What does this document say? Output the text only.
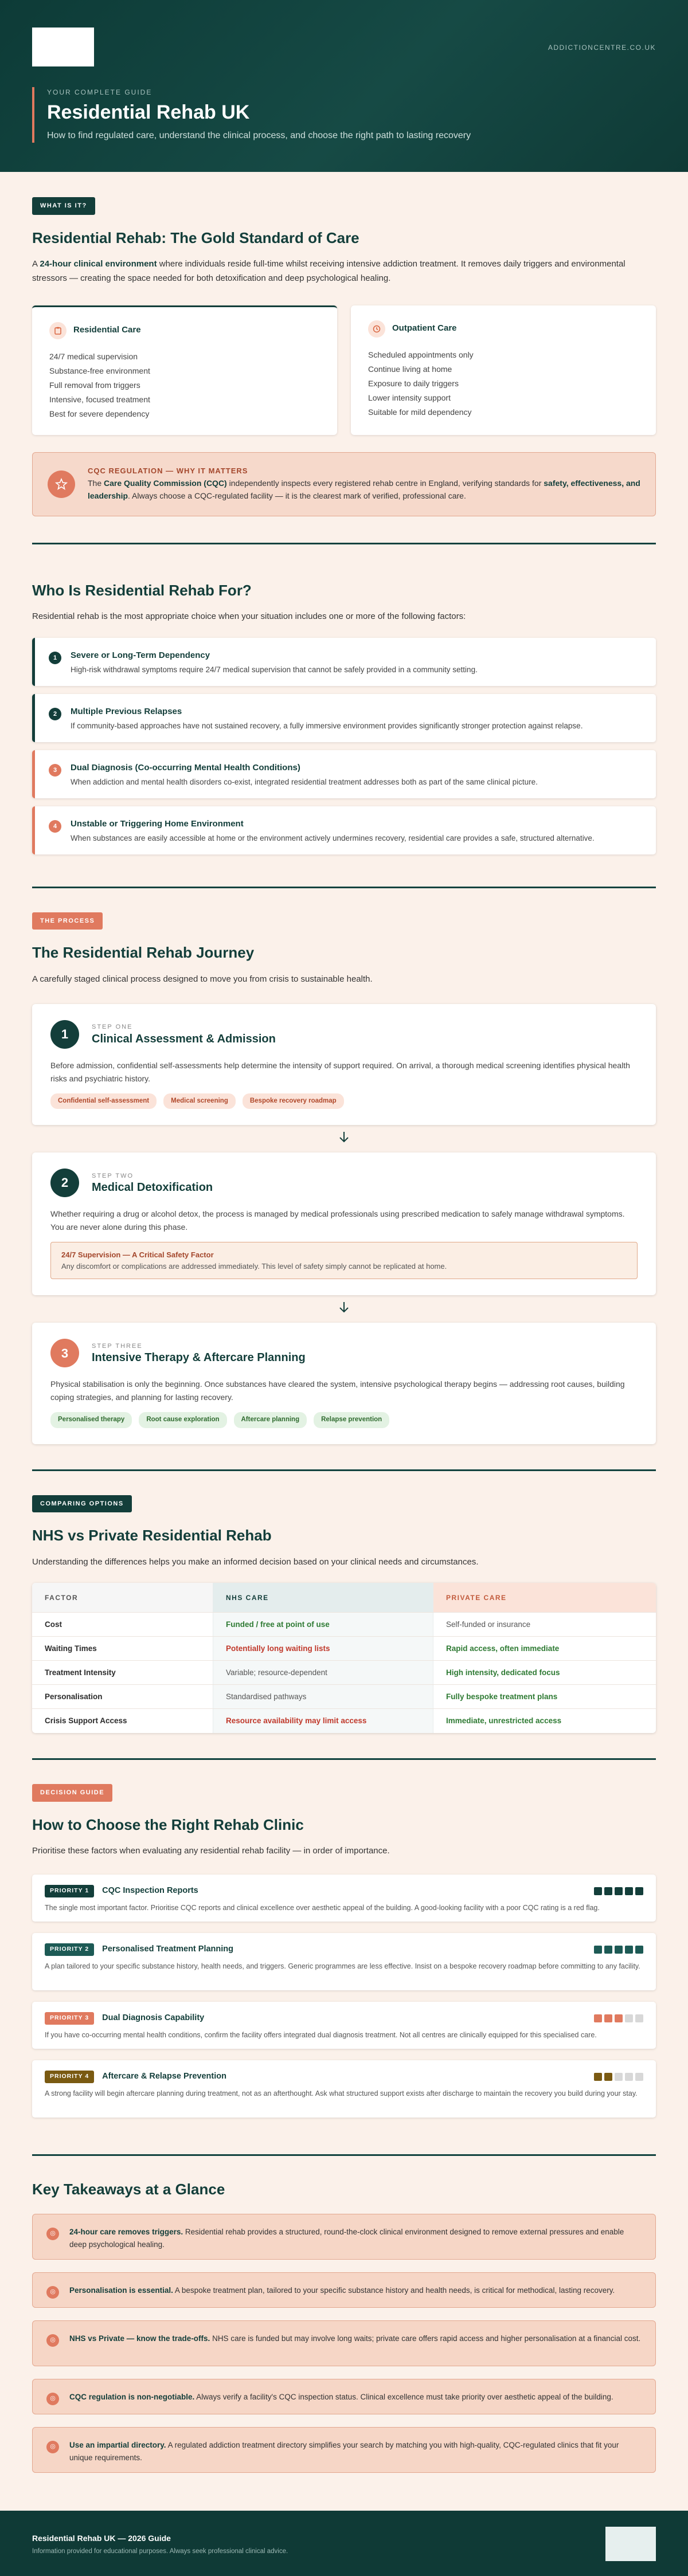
ADDICTIONCENTRE.CO.UK
YOUR COMPLETE GUIDE
Residential Rehab UK

How to find regulated care, understand the clinical process, and choose the right path to lasting recovery

WHAT IS IT?
Residential Rehab: The Gold Standard of Care

A 24-hour clinical environment where individuals reside full-time whilst receiving intensive addiction treatment. It removes daily triggers and environmental stressors — creating the space needed for both detoxification and deep psychological healing.

Residential Care
24/7 medical supervision
Substance-free environment
Full removal from triggers
Intensive, focused treatment
Best for severe dependency
Outpatient Care
Scheduled appointments only
Continue living at home
Exposure to daily triggers
Lower intensity support
Suitable for mild dependency
CQC REGULATION — WHY IT MATTERS
The Care Quality Commission (CQC) independently inspects every registered rehab centre in England, verifying standards for safety, effectiveness, and leadership. Always choose a CQC-regulated facility — it is the clearest mark of verified, professional care.
Who Is Residential Rehab For?

Residential rehab is the most appropriate choice when your situation includes one or more of the following factors:

1	Severe or Long-Term Dependency
High-risk withdrawal symptoms require 24/7 medical supervision that cannot be safely provided in a community setting.
2	Multiple Previous Relapses
If community-based approaches have not sustained recovery, a fully immersive environment provides significantly stronger protection against relapse.
3	Dual Diagnosis (Co-occurring Mental Health Conditions)
When addiction and mental health disorders co-exist, integrated residential treatment addresses both as part of the same clinical picture.
4	Unstable or Triggering Home Environment
When substances are easily accessible at home or the environment actively undermines recovery, residential care provides a safe, structured alternative.
THE PROCESS
The Residential Rehab Journey

A carefully staged clinical process designed to move you from crisis to sustainable health.

1	STEP ONE
Clinical Assessment & Admission

Before admission, confidential self-assessments help determine the intensity of support required. On arrival, a thorough medical screening identifies physical health risks and psychiatric history.

Confidential self-assessment	Medical screening	Bespoke recovery roadmap
2	STEP TWO
Medical Detoxification

Whether requiring a drug or alcohol detox, the process is managed by medical professionals using prescribed medication to safely manage withdrawal symptoms. You are never alone during this phase.

24/7 Supervision — A Critical Safety Factor
Any discomfort or complications are addressed immediately. This level of safety simply cannot be replicated at home.
3	STEP THREE
Intensive Therapy & Aftercare Planning

Physical stabilisation is only the beginning. Once substances have cleared the system, intensive psychological therapy begins — addressing root causes, building coping strategies, and planning for lasting recovery.

Personalised therapy	Root cause exploration	Aftercare planning	Relapse prevention
COMPARING OPTIONS
NHS vs Private Residential Rehab

Understanding the differences helps you make an informed decision based on your clinical needs and circumstances.

FACTOR	NHS CARE	PRIVATE CARE
Cost	Funded / free at point of use	Self-funded or insurance
Waiting Times	Potentially long waiting lists	Rapid access, often immediate
Treatment Intensity	Variable; resource-dependent	High intensity, dedicated focus
Personalisation	Standardised pathways	Fully bespoke treatment plans
Crisis Support Access	Resource availability may limit access	Immediate, unrestricted access
DECISION GUIDE
How to Choose the Right Rehab Clinic

Prioritise these factors when evaluating any residential rehab facility — in order of importance.

PRIORITY 1	CQC Inspection Reports
The single most important factor. Prioritise CQC reports and clinical excellence over aesthetic appeal of the building. A good-looking facility with a poor CQC rating is a red flag.
PRIORITY 2	Personalised Treatment Planning
A plan tailored to your specific substance history, health needs, and triggers. Generic programmes are less effective. Insist on a bespoke recovery roadmap before committing to any facility.
PRIORITY 3	Dual Diagnosis Capability
If you have co-occurring mental health conditions, confirm the facility offers integrated dual diagnosis treatment. Not all centres are clinically equipped for this specialised care.
PRIORITY 4	Aftercare & Relapse Prevention
A strong facility will begin aftercare planning during treatment, not as an afterthought. Ask what structured support exists after discharge to maintain the recovery you build during your stay.
Key Takeaways at a Glance
◎	24-hour care removes triggers. Residential rehab provides a structured, round-the-clock clinical environment designed to remove external pressures and enable deep psychological healing.
◎	Personalisation is essential. A bespoke treatment plan, tailored to your specific substance history and health needs, is critical for methodical, lasting recovery.
◎	NHS vs Private — know the trade-offs. NHS care is funded but may involve long waits; private care offers rapid access and higher personalisation at a financial cost.
◎	CQC regulation is non-negotiable. Always verify a facility's CQC inspection status. Clinical excellence must take priority over aesthetic appeal of the building.
◎	Use an impartial directory. A regulated addiction treatment directory simplifies your search by matching you with high-quality, CQC-regulated clinics that fit your unique requirements.
Residential Rehab UK — 2026 Guide
Information provided for educational purposes. Always seek professional clinical advice.
